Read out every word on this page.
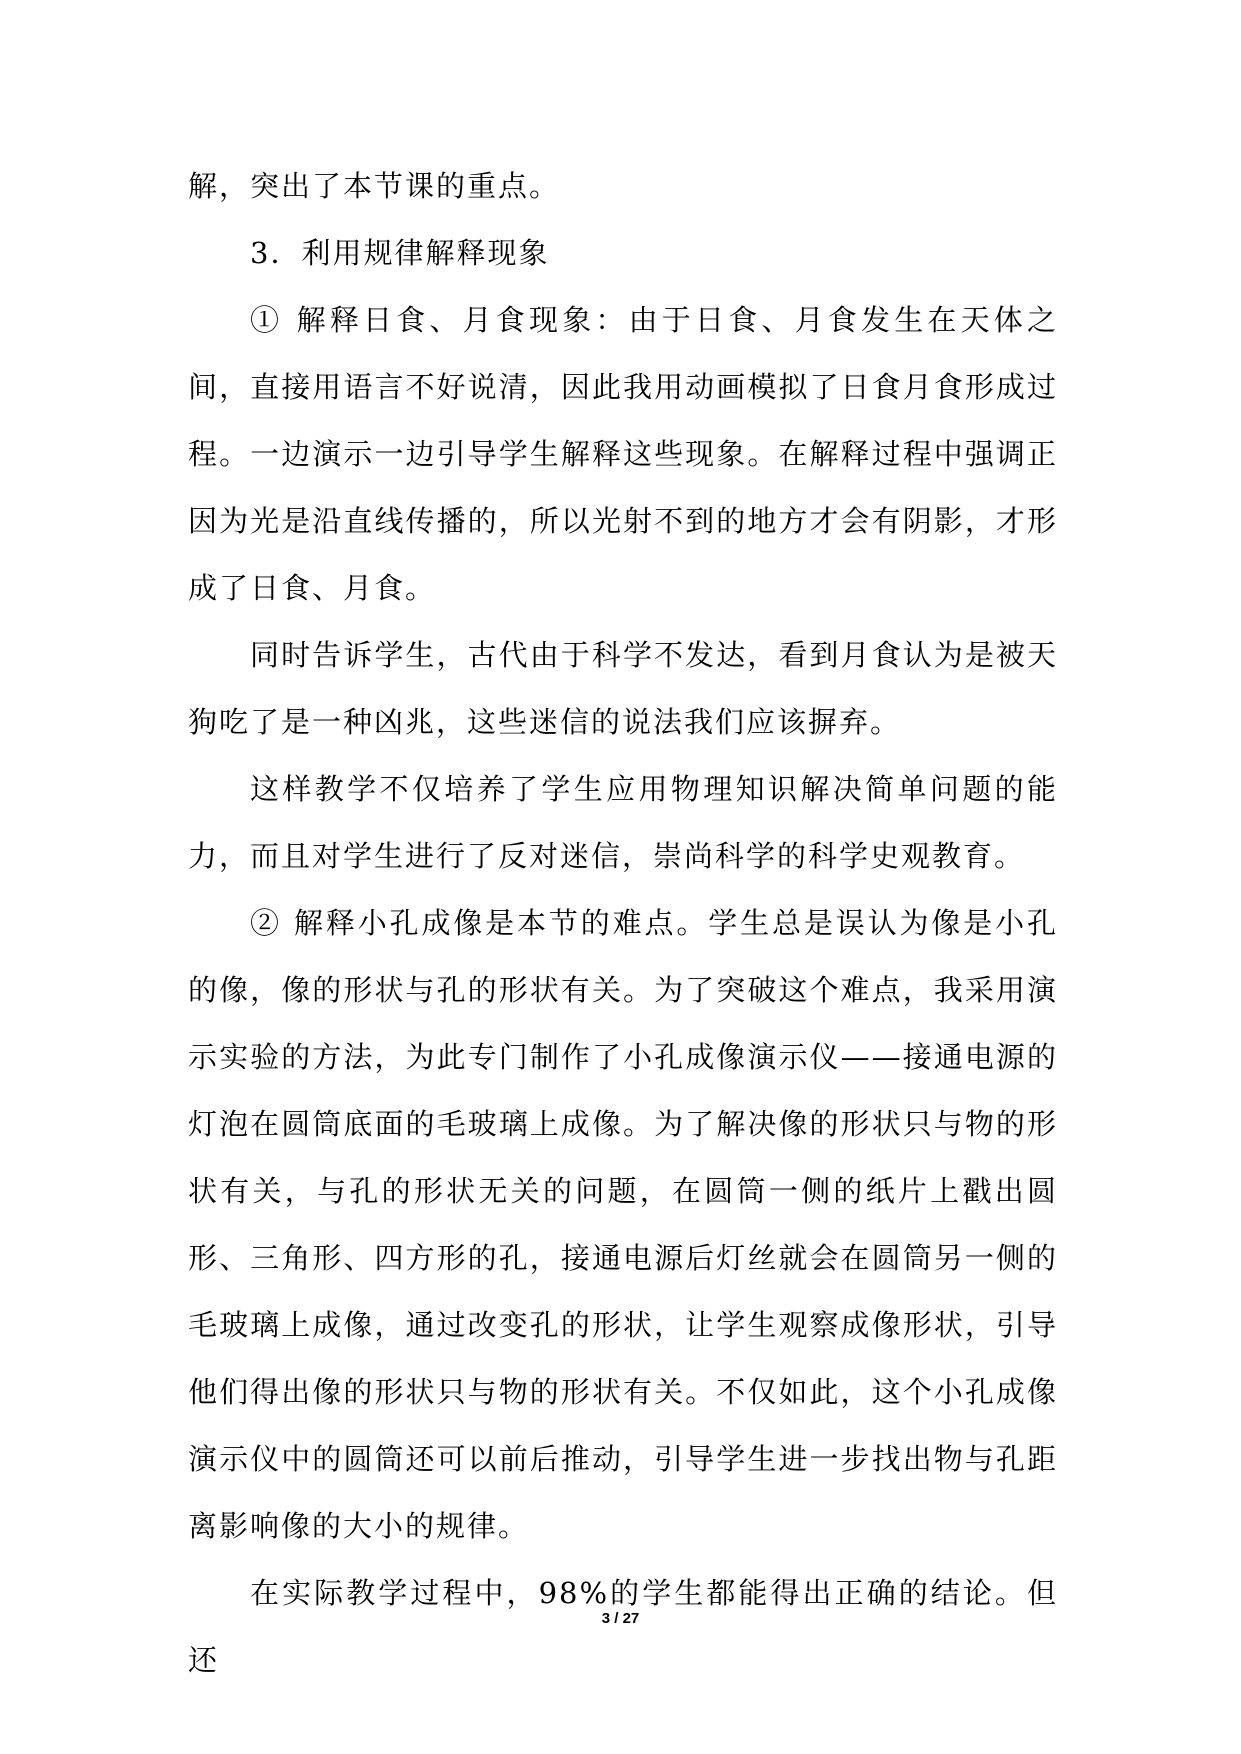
解，突出了本节课的重点。

3．利用规律解释现象

① 解释日食、月食现象：由于日食、月食发生在天体之间，直接用语言不好说清，因此我用动画模拟了日食月食形成过程。一边演示一边引导学生解释这些现象。在解释过程中强调正因为光是沿直线传播的，所以光射不到的地方才会有阴影，才形成了日食、月食。

同时告诉学生，古代由于科学不发达，看到月食认为是被天狗吃了是一种凶兆，这些迷信的说法我们应该摒弃。

这样教学不仅培养了学生应用物理知识解决简单问题的能力，而且对学生进行了反对迷信，崇尚科学的科学史观教育。

② 解释小孔成像是本节的难点。学生总是误认为像是小孔的像，像的形状与孔的形状有关。为了突破这个难点，我采用演示实验的方法，为此专门制作了小孔成像演示仪——接通电源的灯泡在圆筒底面的毛玻璃上成像。为了解决像的形状只与物的形状有关，与孔的形状无关的问题，在圆筒一侧的纸片上戳出圆形、三角形、四方形的孔，接通电源后灯丝就会在圆筒另一侧的毛玻璃上成像，通过改变孔的形状，让学生观察成像形状，引导他们得出像的形状只与物的形状有关。不仅如此，这个小孔成像演示仪中的圆筒还可以前后推动，引导学生进一步找出物与孔距离影响像的大小的规律。

在实际教学过程中，98%的学生都能得出正确的结论。但还

3 / 27
